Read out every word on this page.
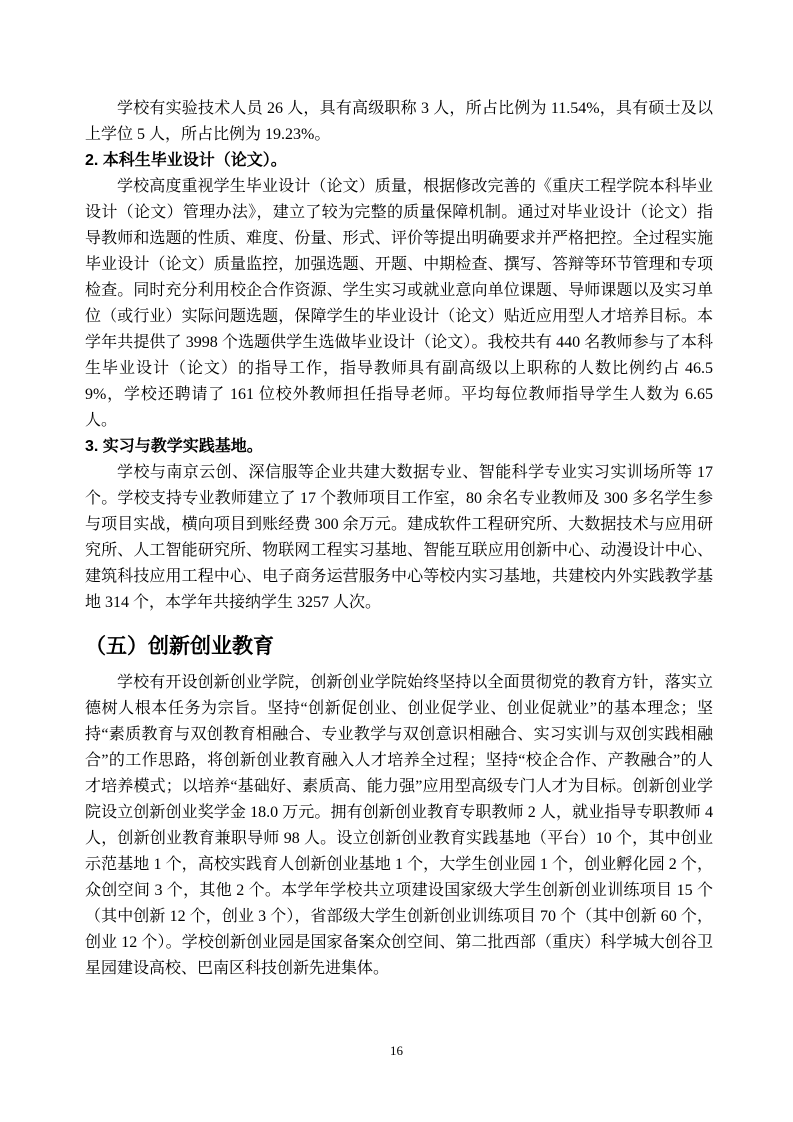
学校有实验技术人员 26 人，具有高级职称 3 人，所占比例为 11.54%，具有硕士及以上学位 5 人，所占比例为 19.23%。

2. 本科生毕业设计（论文）。

学校高度重视学生毕业设计（论文）质量，根据修改完善的《重庆工程学院本科毕业设计（论文）管理办法》，建立了较为完整的质量保障机制。通过对毕业设计（论文）指导教师和选题的性质、难度、份量、形式、评价等提出明确要求并严格把控。全过程实施毕业设计（论文）质量监控，加强选题、开题、中期检查、撰写、答辩等环节管理和专项检查。同时充分利用校企合作资源、学生实习或就业意向单位课题、导师课题以及实习单位（或行业）实际问题选题，保障学生的毕业设计（论文）贴近应用型人才培养目标。本学年共提供了 3998 个选题供学生选做毕业设计（论文）。我校共有 440 名教师参与了本科生毕业设计（论文）的指导工作，指导教师具有副高级以上职称的人数比例约占 46.59%，学校还聘请了 161 位校外教师担任指导老师。平均每位教师指导学生人数为 6.65 人。

3. 实习与教学实践基地。

学校与南京云创、深信服等企业共建大数据专业、智能科学专业实习实训场所等 17 个。学校支持专业教师建立了 17 个教师项目工作室，80 余名专业教师及 300 多名学生参与项目实战，横向项目到账经费 300 余万元。建成软件工程研究所、大数据技术与应用研究所、人工智能研究所、物联网工程实习基地、智能互联应用创新中心、动漫设计中心、建筑科技应用工程中心、电子商务运营服务中心等校内实习基地，共建校内外实践教学基地 314 个，本学年共接纳学生 3257 人次。

（五）创新创业教育

学校有开设创新创业学院，创新创业学院始终坚持以全面贯彻党的教育方针，落实立德树人根本任务为宗旨。坚持“创新促创业、创业促学业、创业促就业”的基本理念；坚持“素质教育与双创教育相融合、专业教学与双创意识相融合、实习实训与双创实践相融合”的工作思路，将创新创业教育融入人才培养全过程；坚持“校企合作、产教融合”的人才培养模式；以培养“基础好、素质高、能力强”应用型高级专门人才为目标。创新创业学院设立创新创业奖学金 18.0 万元。拥有创新创业教育专职教师 2 人，就业指导专职教师 4 人，创新创业教育兼职导师 98 人。设立创新创业教育实践基地（平台）10 个，其中创业示范基地 1 个，高校实践育人创新创业基地 1 个，大学生创业园 1 个，创业孵化园 2 个，众创空间 3 个，其他 2 个。本学年学校共立项建设国家级大学生创新创业训练项目 15 个（其中创新 12 个，创业 3 个），省部级大学生创新创业训练项目 70 个（其中创新 60 个，创业 12 个）。学校创新创业园是国家备案众创空间、第二批西部（重庆）科学城大创谷卫星园建设高校、巴南区科技创新先进集体。

16
